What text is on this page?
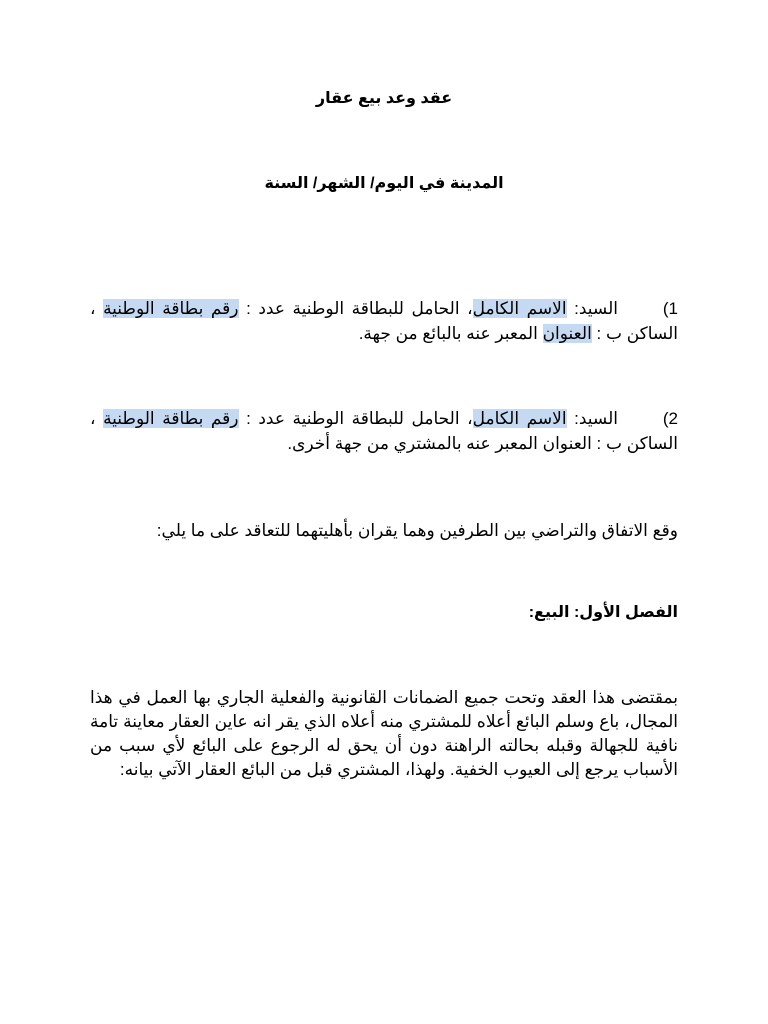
عقد وعد بيع عقار
المدينة في اليوم/ الشهر/ السنة
1)السيد: الاسم الكامل، الحامل للبطاقة الوطنية عدد : رقم بطاقة الوطنية ، الساكن ب : العنوان المعبر عنه بالبائع من جهة.
2)السيد: الاسم الكامل، الحامل للبطاقة الوطنية عدد : رقم بطاقة الوطنية ، الساكن ب : العنوان المعبر عنه بالمشتري من جهة أخرى.
وقع الاتفاق والتراضي بين الطرفين وهما يقران بأهليتهما للتعاقد على ما يلي:
الفصل الأول: البيع:
بمقتضى هذا العقد وتحت جميع الضمانات القانونية والفعلية الجاري بها العمل في هذا المجال، باع وسلم البائع أعلاه للمشتري منه أعلاه الذي يقر انه عاين العقار معاينة تامة نافية للجهالة وقبله بحالته الراهنة دون أن يحق له الرجوع على البائع لأي سبب من الأسباب يرجع إلى العيوب الخفية. ولهذا، المشتري قبل من البائع العقار الآتي بيانه:
